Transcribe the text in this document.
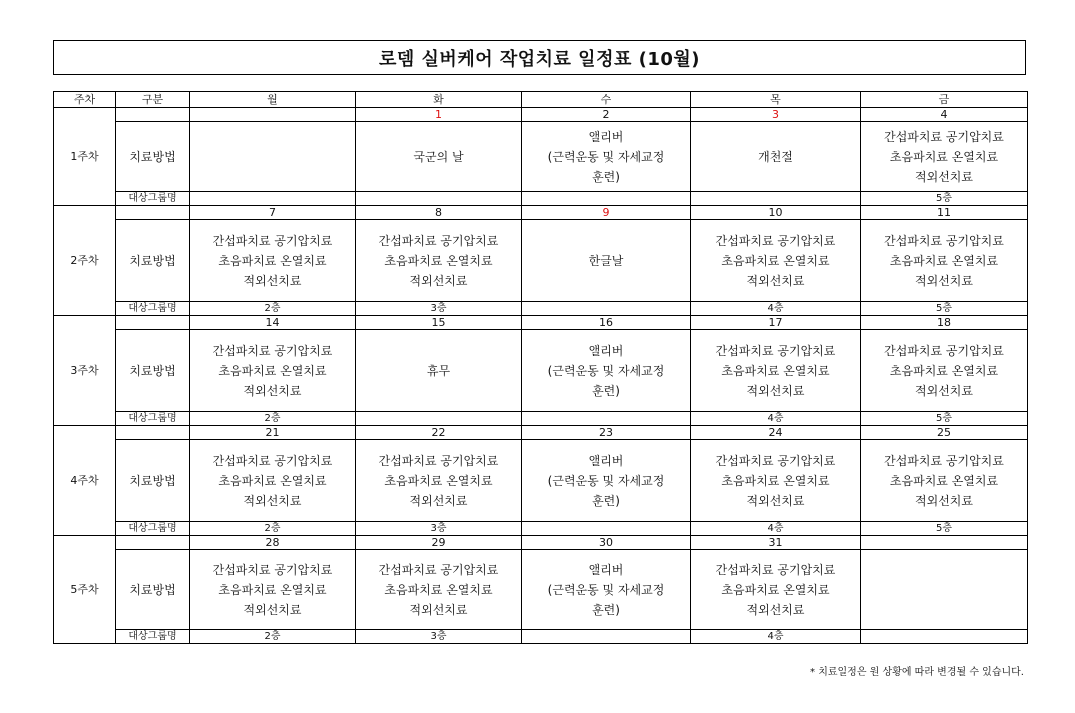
로뎀 실버케어 작업치료 일정표 (10월)
주차	구분	월	화	수	목	금
1주차			1	2	3	4
	치료방법		국군의 날	앨리버
(근력운동 및 자세교정
훈련)	개천절	간섭파치료 공기압치료
초음파치료 온열치료
적외선치료

	대상그룹명					5층
2주차		7	8	9	10	11
	치료방법	간섭파치료 공기압치료
초음파치료 온열치료
적외선치료	간섭파치료 공기압치료
초음파치료 온열치료
적외선치료	한글날	간섭파치료 공기압치료
초음파치료 온열치료
적외선치료	간섭파치료 공기압치료
초음파치료 온열치료
적외선치료

	대상그룹명	2층	3층		4층	5층
3주차		14	15	16	17	18
	치료방법	간섭파치료 공기압치료
초음파치료 온열치료
적외선치료	휴무	앨리버
(근력운동 및 자세교정
훈련)	간섭파치료 공기압치료
초음파치료 온열치료
적외선치료	간섭파치료 공기압치료
초음파치료 온열치료
적외선치료

	대상그룹명	2층			4층	5층
4주차		21	22	23	24	25
	치료방법	간섭파치료 공기압치료
초음파치료 온열치료
적외선치료	간섭파치료 공기압치료
초음파치료 온열치료
적외선치료	앨리버
(근력운동 및 자세교정
훈련)	간섭파치료 공기압치료
초음파치료 온열치료
적외선치료	간섭파치료 공기압치료
초음파치료 온열치료
적외선치료

	대상그룹명	2층	3층		4층	5층
5주차		28	29	30	31	
	치료방법	간섭파치료 공기압치료
초음파치료 온열치료
적외선치료	간섭파치료 공기압치료
초음파치료 온열치료
적외선치료	앨리버
(근력운동 및 자세교정
훈련)	간섭파치료 공기압치료
초음파치료 온열치료
적외선치료	

	대상그룹명	2층	3층		4층	
* 치료일정은 원 상황에 따라 변경될 수 있습니다.
